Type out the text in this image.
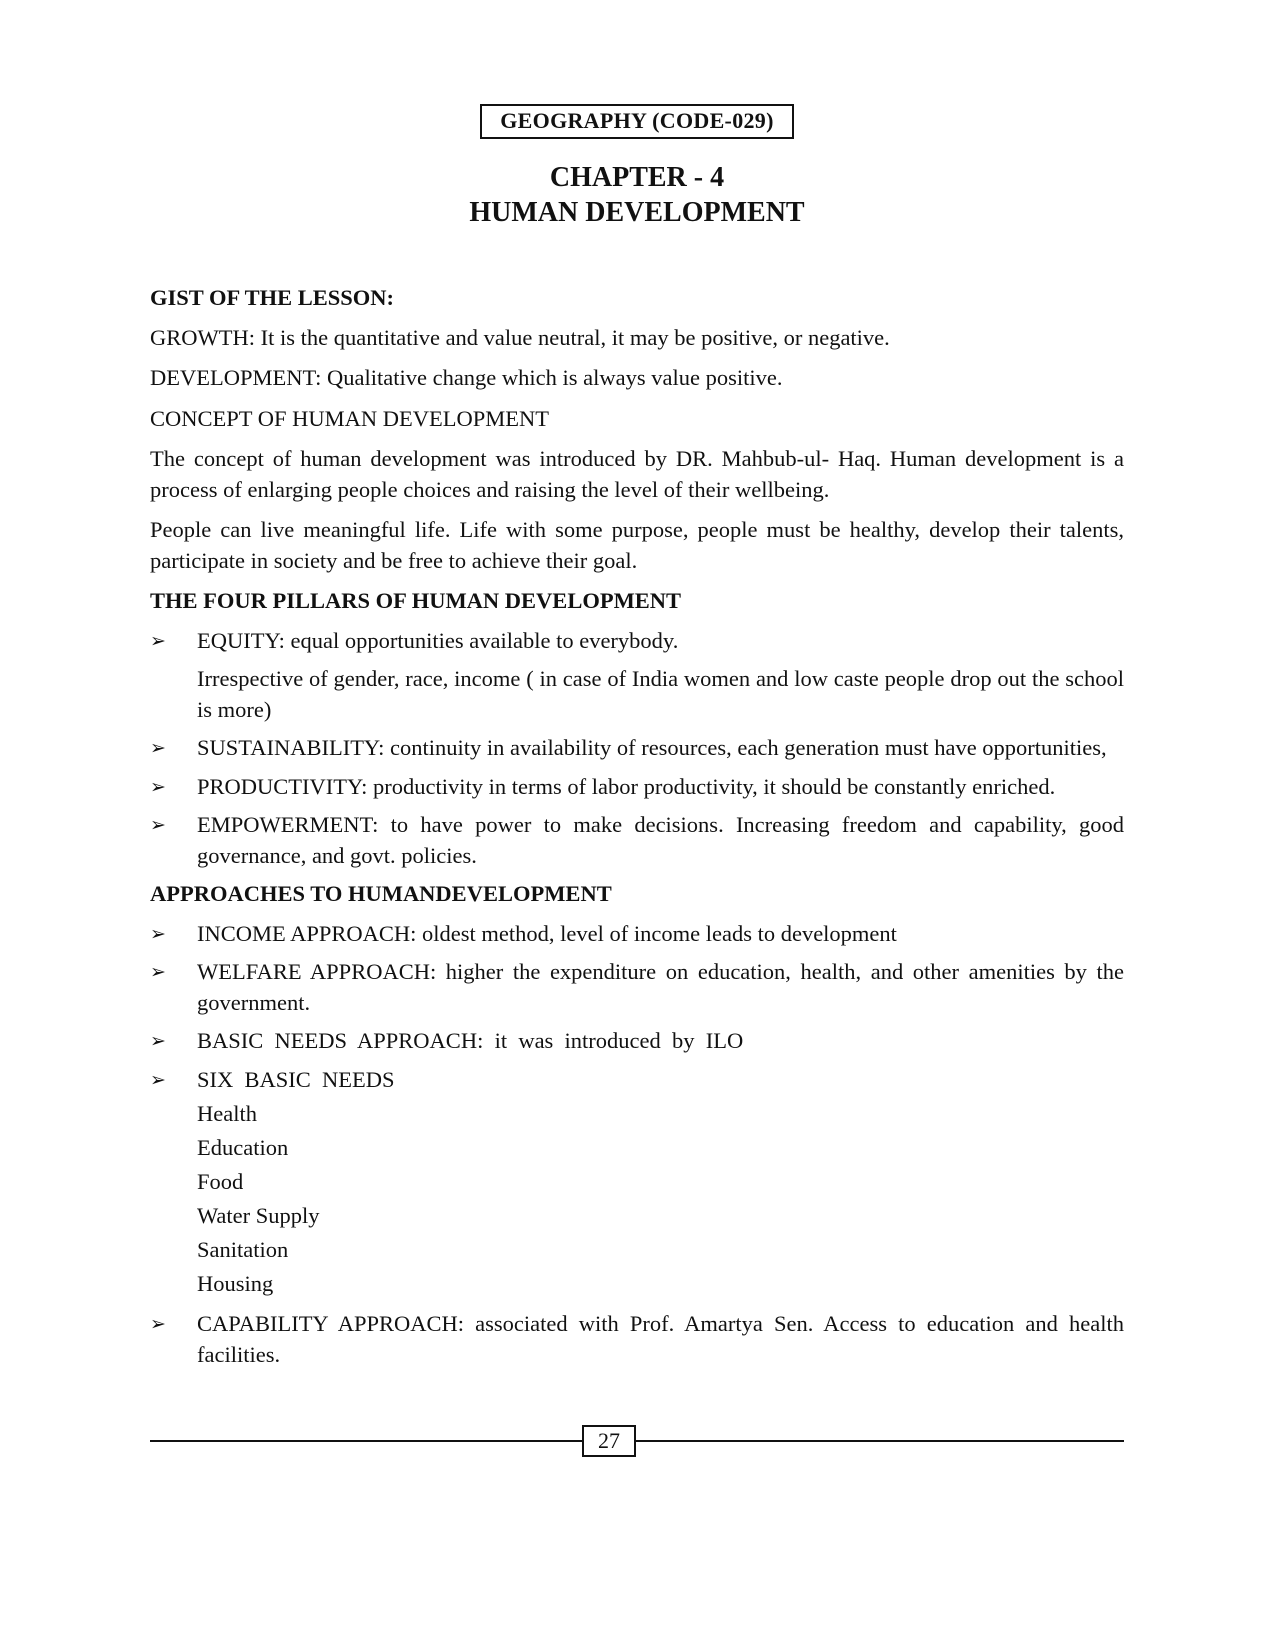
GEOGRAPHY (CODE-029)
CHAPTER - 4
HUMAN DEVELOPMENT
GIST OF THE LESSON:

GROWTH: It is the quantitative and value neutral, it may be positive, or negative.

DEVELOPMENT: Qualitative change which is always value positive.

CONCEPT OF HUMAN DEVELOPMENT

The concept of human development was introduced by DR. Mahbub-ul- Haq. Human development is a process of enlarging people choices and raising the level of their wellbeing.

People can live meaningful life. Life with some purpose, people must be healthy, develop their talents, participate in society and be free to achieve their goal.

THE FOUR PILLARS OF HUMAN DEVELOPMENT
➢ EQUITY: equal opportunities available to everybody.

Irrespective of gender, race, income ( in case of India women and low caste people drop out the school is more)

➢ SUSTAINABILITY: continuity in availability of resources, each generation must have opportunities,
➢ PRODUCTIVITY: productivity in terms of labor productivity, it should be constantly enriched.
➢ EMPOWERMENT: to have power to make decisions. Increasing freedom and capability, good governance, and govt. policies.
APPROACHES TO HUMANDEVELOPMENT
➢ INCOME APPROACH: oldest method, level of income leads to development
➢ WELFARE APPROACH: higher the expenditure on education, health, and other amenities by the government.
➢ BASIC  NEEDS  APPROACH:  it  was  introduced  by  ILO
➢ SIX  BASIC  NEEDS
Health
Education
Food
Water Supply
Sanitation
Housing
➢ CAPABILITY APPROACH: associated with Prof. Amartya Sen. Access to education and health facilities.
27
